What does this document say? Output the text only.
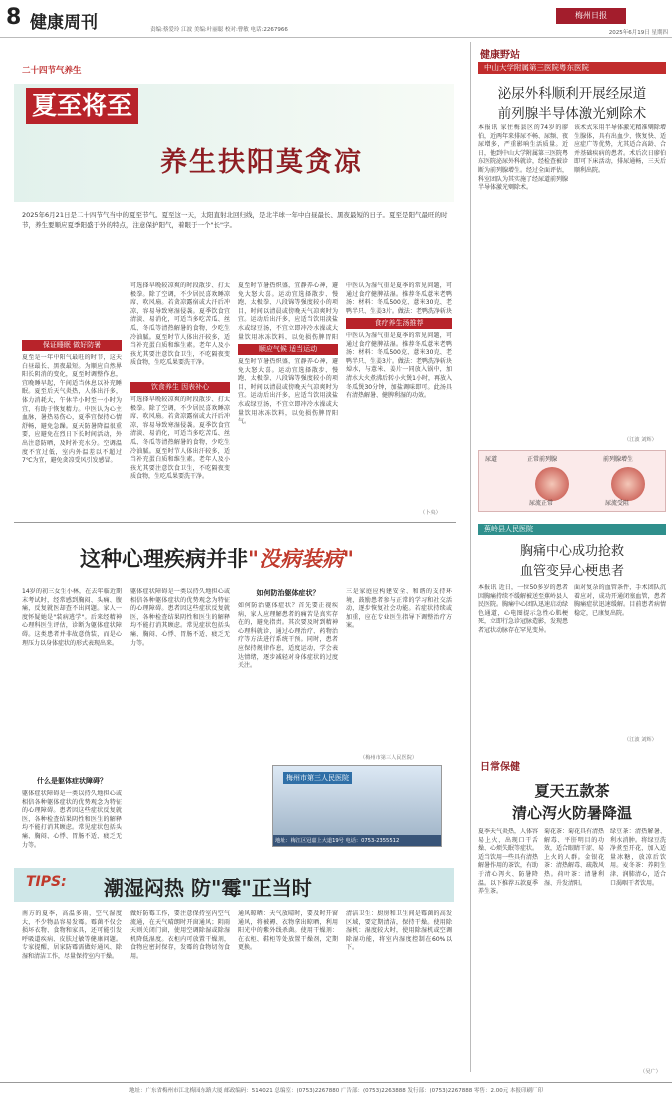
8 健康周刊	责编:蔡爱玲 江波 美编:叶丽聪 校对:曹敏 电话:2267966
梅州日报
2025年6月19日 星期四
二十四节气养生
夏至将至
养生扶阳莫贪凉
2025年6月21日是二十四节气当中的夏至节气。夏至这一天，太阳直射北回归线，是北半球一年中白昼最长、黑夜最短的日子。夏至是阳气最旺的时节，养生要顺应夏季阳盛于外的特点，注意保护阳气，着眼于一个"长"字。
保证睡眠 做好防暑
夏至是一年中阳气最旺的时节，这天白昼最长、黑夜最短。为顺应自然界阳长阴消的变化，夏至时调整作息，宜晚睡早起，午间适当休息以补充睡眠。夏至后天气炎热，人体出汗多，体力消耗大，午休半小时至一小时为宜，有助于恢复精力。中医认为心主血脉，暑热易伤心，夏季宜保持心情舒畅，避免急躁。夏天防暑降温很重要，应避免在烈日下长时间活动，外出注意防晒，及时补充水分。空调温度不宜过低，室内外温差以不超过7℃为宜，避免贪凉受风引发感冒。
可选择早晚较凉爽的时段散步、打太极拳。除了空调，不少居民喜欢睡凉席、吹风扇。若贪凉露宿或大汗后冲凉，容易导致寒湿侵袭。夏季饮食宜清淡、易消化，可适当多吃苦瓜、丝瓜、冬瓜等清热解暑的食物，少吃生冷油腻。夏至时节人体出汗较多，适当补充蛋白质和维生素。老年人及小孩尤其要注意饮食卫生，不吃隔夜变质食物，生吃瓜果要洗干净。
饮食养生 因表补心
可选择早晚较凉爽的时段散步、打太极拳。除了空调，不少居民喜欢睡凉席、吹风扇。若贪凉露宿或大汗后冲凉，容易导致寒湿侵袭。夏季饮食宜清淡、易消化，可适当多吃苦瓜、丝瓜、冬瓜等清热解暑的食物，少吃生冷油腻。夏至时节人体出汗较多，适当补充蛋白质和维生素。老年人及小孩尤其要注意饮食卫生，不吃隔夜变质食物，生吃瓜果要洗干净。
顺应气候 适当运动
夏至时节暑热炽盛，宜静养心神，避免大怒大喜。运动宜选择散步、慢跑、太极拳、八段锦等强度较小的项目，时间以清晨或傍晚天气凉爽时为宜。运动后出汗多，应适当饮用淡盐水或绿豆汤，不宜立即冲冷水澡或大量饮用冰冻饮料，以免损伤脾胃阳
夏至时节暑热炽盛，宜静养心神，避免大怒大喜。运动宜选择散步、慢跑、太极拳、八段锦等强度较小的项目，时间以清晨或傍晚天气凉爽时为宜。运动后出汗多，应适当饮用淡盐水或绿豆汤，不宜立即冲冷水澡或大量饮用冰冻饮料，以免损伤脾胃阳气。
中医认为湿气重是夏季的常见问题，可通过食疗健脾祛湿。推荐冬瓜薏米老鸭汤：材料：冬瓜500克、薏米30克、老鸭半只、生姜3片。做法：老鸭洗净斩块
食疗养生汤推荐
中医认为湿气重是夏季的常见问题，可通过食疗健脾祛湿。推荐冬瓜薏米老鸭汤：材料：冬瓜500克、薏米30克、老鸭半只、生姜3片。做法：老鸭洗净斩块焯水，与薏米、姜片一同放入锅中，加清水大火煮沸后转小火煲1小时，再放入冬瓜煲30分钟，加盐调味即可。此汤具有清热解暑、健脾利湿的功效。
（卜央）
这种心理疾病并非"没病装病"
14岁的初三女生小林，在去年临近期末考试时，经常感到胸闷、头痛、腹痛，反复就医却查不出问题。家人一度怀疑她是"装病逃学"。后来经精神心理科医生评估，诊断为躯体症状障碍。这类患者并非故意伪装，而是心理压力以身体症状的形式表现出来。
什么是躯体症状障碍？
躯体症状障碍是一类以持久地担心或相信各种躯体症状的优势观念为特征的心理障碍。患者因这些症状反复就医，各种检查结果阴性和医生的解释均不能打消其顾虑。常见症状包括头痛、胸闷、心悸、胃肠不适、疲乏无力等。
躯体症状障碍是一类以持久地担心或相信各种躯体症状的优势观念为特征的心理障碍。患者因这些症状反复就医，各种检查结果阴性和医生的解释均不能打消其顾虑。常见症状包括头痛、胸闷、心悸、胃肠不适、疲乏无力等。
如何防治躯体症状？
如何防治躯体症状？首先要正视疾病，家人应理解患者的痛苦是真实存在的，避免指责。其次要及时到精神心理科就诊，通过心理治疗、药物治疗等方法进行系统干预。同时，患者应保持规律作息，适度运动，学会表达情绪，逐步减轻对身体症状的过度关注。
三是家庭应构建安全、和谐的支持环境，鼓励患者参与正常的学习和社交活动，逐步恢复社会功能。若症状持续或加重，应在专业医生指导下调整治疗方案。
（梅州市第三人民医院）
梅州市第三人民医院
地址：梅江区冠嘉上大道19号 电话：0753-2355512
TIPS: 潮湿闷热 防"霉"正当时
南方的夏季，高温多雨，空气湿度大，不少物品容易发霉。霉菌不仅会损坏衣物、食物和家具，还可能引发呼吸道疾病、皮肤过敏等健康问题。专家提醒，居家防霉需做好通风、除湿和清洁工作，尽量保持室内干燥。
做好防霉工作，要注意保持室内空气流通，在天气晴朗时开窗通风；阴雨天则关闭门窗，使用空调除湿或除湿机降低湿度。衣柜内可放置干燥剂，食物应密封保存，发霉的食物切勿食用。
通风晾晒：天气放晴时，要及时开窗通风，将被褥、衣物拿出晾晒，利用阳光中的紫外线杀菌。使用干燥剂：在衣柜、鞋柜等处放置干燥剂，定期更换。
清洁卫生：厨房和卫生间是霉菌的高发区域，要定期清洁，保持干燥。使用除湿机：湿度较大时，使用除湿机或空调除湿功能，将室内湿度控制在60%以下。
健康野站
中山大学附属第三医院粤东医院
泌尿外科顺利开展经尿道
前列腺半导体激光剜除术
本报讯 家住梅县区的74岁的廖伯，近两年来排尿不畅、尿频、夜尿增多，严重影响生活质量。近日，他到中山大学附属第三医院粤东医院泌尿外科就诊，经检查被诊断为前列腺增生。经过全面评估，科室团队为其实施了经尿道前列腺半导体激光剜除术。
该术式采用半导体激光精准剜除增生腺体，具有出血少、恢复快、适应症广等优势，尤其适合高龄、合并基础疾病的患者。术后次日廖伯即可下床活动，排尿通畅，三天后顺利出院。
（江波 刘辉）
尿道	正常前列腺	前列腺增生
尿流正常	尿流受阻
蕉岭县人民医院
胸痛中心成功抢救
血管变异心梗患者
本报讯 近日，一位50多岁的患者因胸痛持续不缓解被送至蕉岭县人民医院。胸痛中心团队迅速启动绿色通道，心电图提示急性心肌梗死，立即行急诊冠脉造影，发现患者冠状动脉存在罕见变异。
面对复杂的血管条件，手术团队沉着应对，成功开通闭塞血管，患者胸痛症状迅速缓解。目前患者病情稳定，已康复出院。
（江波 刘辉）
日常保健
夏天五款茶
清心泻火防暑降温
夏季天气炎热，人体容易上火，出现口干舌燥、心烦失眠等症状。适当饮用一些具有清热解暑作用的茶饮，有助于清心泻火、防暑降温。以下推荐五款夏季养生茶。
菊花茶：菊花具有清热解毒、平肝明目的功效，适合眼睛干涩、易上火的人群。金银花茶：清热解毒、疏散风热。荷叶茶：清暑利湿、升发清阳。
绿豆茶：清热解暑、利水消肿。将绿豆洗净煮至开花，加入适量冰糖，放凉后饮用。麦冬茶：养阴生津、润肺清心，适合口渴咽干者饮用。
（吴广）
地址：广东省梅州市江北梅园东路大厦 邮政编码：514021 总编室：(0753)2267880 广告部：(0753)2263888 发行部：(0753)2267888 零售：2.00元 本报印刷厂印
